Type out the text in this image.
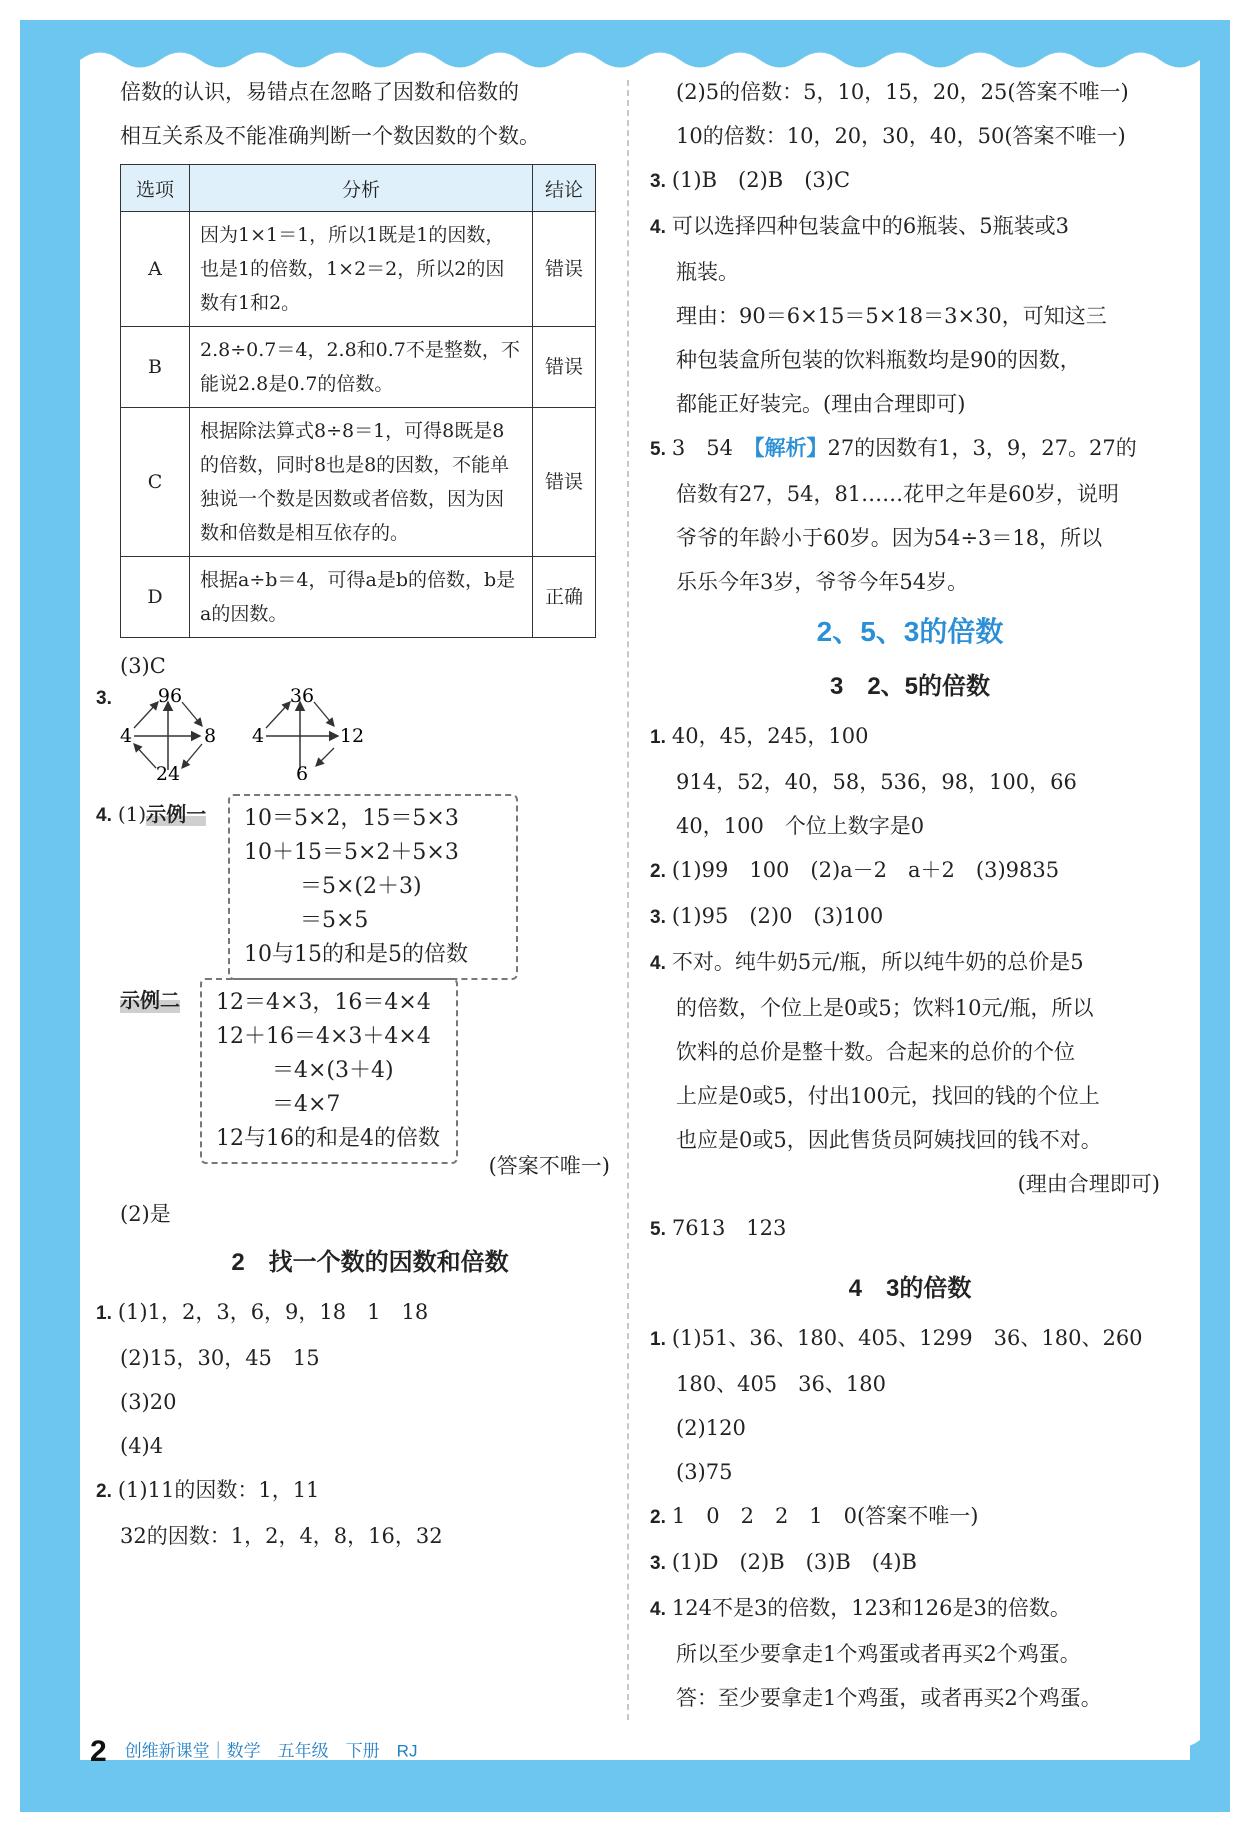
倍数的认识，易错点在忽略了因数和倍数的
相互关系及不能准确判断一个数因数的个数。
选项	分析	结论
A	因为1×1＝1，所以1既是1的因数，也是1的倍数，1×2＝2，所以2的因数有1和2。	错误
B	2.8÷0.7＝4，2.8和0.7不是整数，不能说2.8是0.7的倍数。	错误
C	根据除法算式8÷8＝1，可得8既是8的倍数，同时8也是8的因数，不能单独说一个数是因数或者倍数，因为因数和倍数是相互依存的。	错误
D	根据a÷b＝4，可得a是b的倍数，b是a的因数。	正确
(3)C
3. 96
4	8
24
36
4	12
6
4. (1)示例一 10＝5×2，15＝5×3
10＋15＝5×2＋5×3
＝5×(2＋3)
＝5×5
10与15的和是5的倍数
示例二 12＝4×3，16＝4×4
12＋16＝4×3＋4×4
＝4×(3＋4)
＝4×7
12与16的和是4的倍数
(答案不唯一)
(2)是
2　找一个数的因数和倍数
1. (1)1，2，3，6，9，18　1　18
(2)15，30，45　15
(3)20
(4)4
2. (1)11的因数：1，11
32的因数：1，2，4，8，16，32
(2)5的倍数：5，10，15，20，25(答案不唯一)
10的倍数：10，20，30，40，50(答案不唯一)
3. (1)B　(2)B　(3)C
4. 可以选择四种包装盒中的6瓶装、5瓶装或3
瓶装。
理由：90＝6×15＝5×18＝3×30，可知这三
种包装盒所包装的饮料瓶数均是90的因数，
都能正好装完。(理由合理即可)
5. 3　54　 【解析】27的因数有1，3，9，27。27的
倍数有27，54，81……花甲之年是60岁，说明
爷爷的年龄小于60岁。因为54÷3＝18，所以
乐乐今年3岁，爷爷今年54岁。
2、5、3的倍数
3　2、5的倍数
1. 40，45，245，100
914，52，40，58，536，98，100，66
40，100　个位上数字是0
2. (1)99　100　(2)a－2　a＋2　(3)9835
3. (1)95　(2)0　(3)100
4. 不对。纯牛奶5元/瓶，所以纯牛奶的总价是5
的倍数，个位上是0或5；饮料10元/瓶，所以
饮料的总价是整十数。合起来的总价的个位
上应是0或5，付出100元，找回的钱的个位上
也应是0或5，因此售货员阿姨找回的钱不对。
(理由合理即可)
5. 7613　123
4　3的倍数
1. (1)51、36、180、405、1299　36、180、260
180、405　36、180
(2)120
(3)75
2. 1　0　2　2　1　0(答案不唯一)
3. (1)D　(2)B　(3)B　(4)B
4. 124不是3的倍数，123和126是3的倍数。
所以至少要拿走1个鸡蛋或者再买2个鸡蛋。
答：至少要拿走1个鸡蛋，或者再买2个鸡蛋。
2 创维新课堂｜数学　五年级　下册　RJ
